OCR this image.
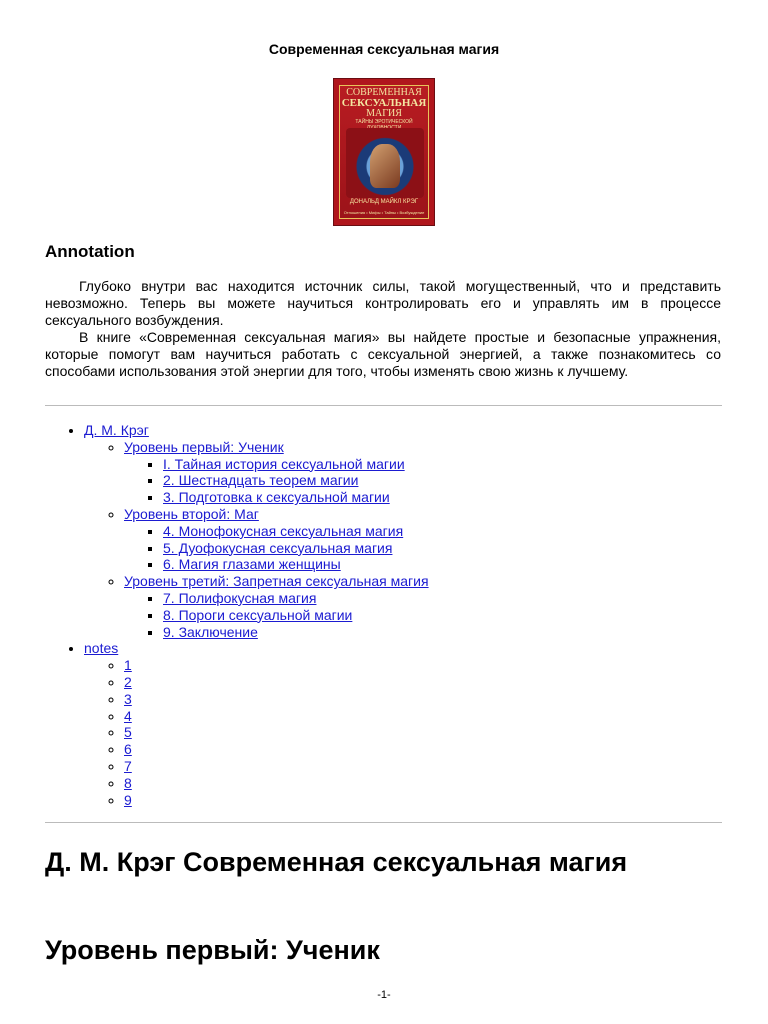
Современная сексуальная магия
СОВРЕМЕННАЯ
СЕКСУАЛЬНАЯ
МАГИЯ
ТАЙНЫ ЭРОТИЧЕСКОЙ
ДОНАЛЬД МАЙКЛ КРЭГ
Отношения • Мифы • Тайны • Возбуждение
Annotation

Глубоко внутри вас находится источник силы, такой могущественный, что и представить невозможно. Теперь вы можете научиться контролировать его и управлять им в процессе сексуального возбуждения.

В книге «Современная сексуальная магия» вы найдете простые и безопасные упражнения, которые помогут вам научиться работать с сексуальной энергией, а также познакомитесь со способами использования этой энергии для того, чтобы изменять свою жизнь к лучшему.

• Д. М. Крэг
◦ Уровень первый: Ученик
▪ I. Тайная история сексуальной магии
▪ 2. Шестнадцать теорем магии
▪ 3. Подготовка к сексуальной магии
◦ Уровень второй: Маг
▪ 4. Монофокусная сексуальная магия
▪ 5. Дуофокусная сексуальная магия
▪ 6. Магия глазами женщины
◦ Уровень третий: Запретная сексуальная магия
▪ 7. Полифокусная магия
▪ 8. Пороги сексуальной магии
▪ 9. Заключение
• notes
◦ 1
◦ 2
◦ 3
◦ 4
◦ 5
◦ 6
◦ 7
◦ 8
◦ 9
Д. М. Крэг Современная сексуальная магия
Уровень первый: Ученик
-1-
